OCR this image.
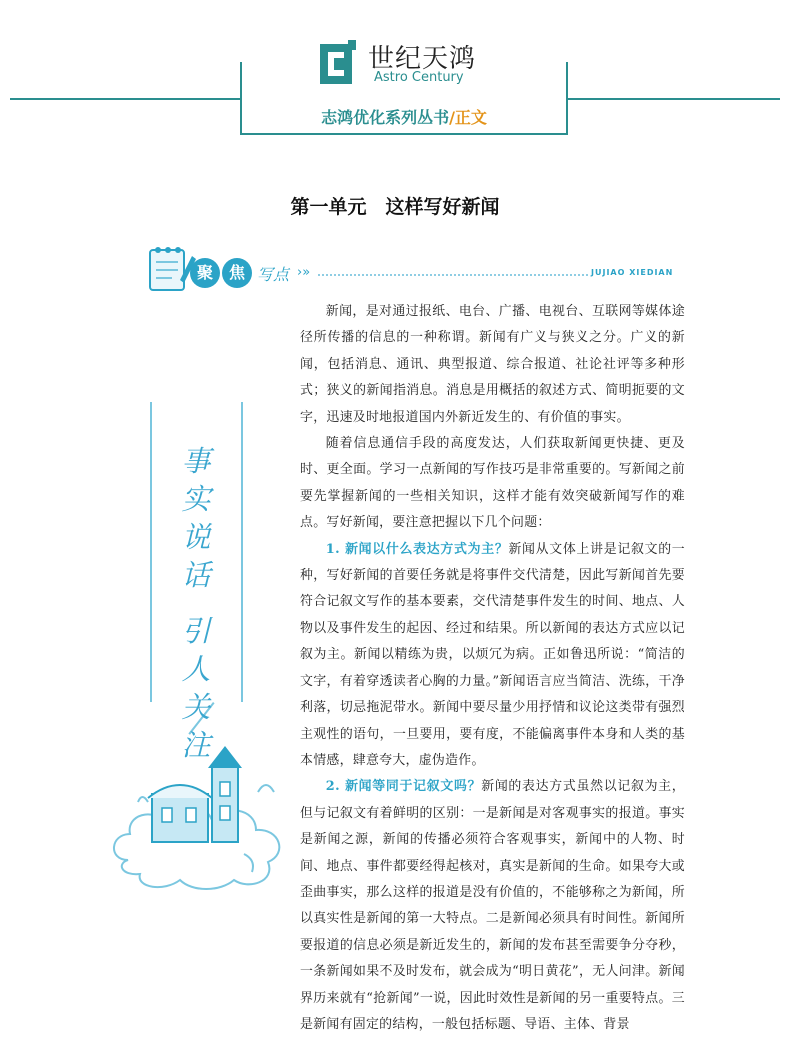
世纪天鸿
Astro Century
志鸿优化系列丛书/正文
第一单元　这样写好新闻
聚 焦 写点 ›»	JUJIAO XIEDIAN
事
实
说
话
引
人
关
注

新闻，是对通过报纸、电台、广播、电视台、互联网等媒体途径所传播的信息的一种称谓。新闻有广义与狭义之分。广义的新闻，包括消息、通讯、典型报道、综合报道、社论社评等多种形式；狭义的新闻指消息。消息是用概括的叙述方式、简明扼要的文字，迅速及时地报道国内外新近发生的、有价值的事实。

随着信息通信手段的高度发达，人们获取新闻更快捷、更及时、更全面。学习一点新闻的写作技巧是非常重要的。写新闻之前要先掌握新闻的一些相关知识，这样才能有效突破新闻写作的难点。写好新闻，要注意把握以下几个问题：

1. 新闻以什么表达方式为主？新闻从文体上讲是记叙文的一种，写好新闻的首要任务就是将事件交代清楚，因此写新闻首先要符合记叙文写作的基本要素，交代清楚事件发生的时间、地点、人物以及事件发生的起因、经过和结果。所以新闻的表达方式应以记叙为主。新闻以精练为贵，以烦冗为病。正如鲁迅所说：“简洁的文字，有着穿透读者心胸的力量。”新闻语言应当简洁、洗练，干净利落，切忌拖泥带水。新闻中要尽量少用抒情和议论这类带有强烈主观性的语句，一旦要用，要有度，不能偏离事件本身和人类的基本情感，肆意夸大，虚伪造作。

2. 新闻等同于记叙文吗？新闻的表达方式虽然以记叙为主，但与记叙文有着鲜明的区别：一是新闻是对客观事实的报道。事实是新闻之源，新闻的传播必须符合客观事实，新闻中的人物、时间、地点、事件都要经得起核对，真实是新闻的生命。如果夸大或歪曲事实，那么这样的报道是没有价值的，不能够称之为新闻，所以真实性是新闻的第一大特点。二是新闻必须具有时间性。新闻所要报道的信息必须是新近发生的，新闻的发布甚至需要争分夺秒，一条新闻如果不及时发布，就会成为“明日黄花”，无人问津。新闻界历来就有“抢新闻”一说，因此时效性是新闻的另一重要特点。三是新闻有固定的结构，一般包括标题、导语、主体、背景
